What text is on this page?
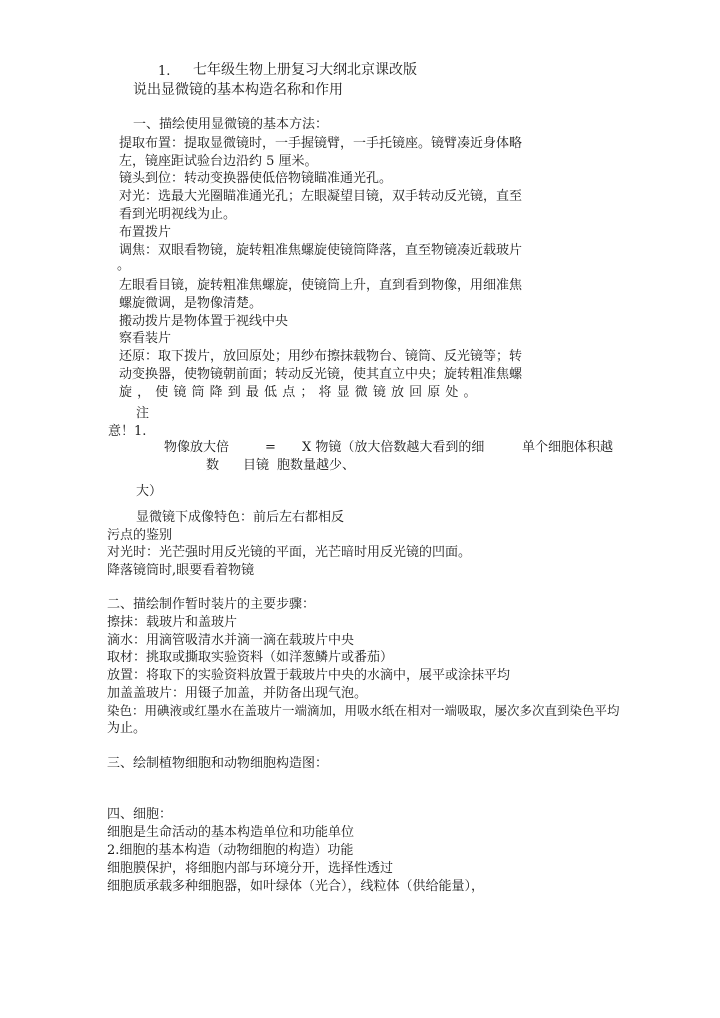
1. 七年级生物上册复习大纲北京课改版
说出显微镜的基本构造名称和作用
一、描绘使用显微镜的基本方法：
提取布置：提取显微镜时，一手握镜臂，一手托镜座。镜臂凑近身体略
左，镜座距试验台边沿约 5 厘米。
镜头到位：转动变换器使低倍物镜瞄准通光孔。
对光：选最大光圈瞄准通光孔；左眼凝望目镜，双手转动反光镜，直至
看到光明视线为止。
布置拨片
调焦：双眼看物镜，旋转粗准焦螺旋使镜筒降落，直至物镜凑近载玻片
。
左眼看目镜，旋转粗准焦螺旋，使镜筒上升，直到看到物像，用细准焦
螺旋微调，是物像清楚。
搬动拨片是物体置于视线中央
察看装片
还原：取下拨片，放回原处；用纱布擦抹载物台、镜筒、反光镜等；转
动变换器，使物镜朝前面；转动反光镜，使其直立中央；旋转粗准焦螺
旋 ， 使 镜 筒 降 到 最 低 点 ； 将 显 微 镜 放 回 原 处 。
注
意！1.
物像放大倍	= X 物镜（放大倍数越大看到的细	单个细胞体积越
数 目镜 胞数量越少、
大）
显微镜下成像特色：前后左右都相反
污点的鉴别
对光时：光芒强时用反光镜的平面，光芒暗时用反光镜的凹面。
降落镜筒时,眼要看着物镜
二、描绘制作暂时装片的主要步骤：
擦抹：载玻片和盖玻片
滴水：用滴管吸清水并滴一滴在载玻片中央
取材：挑取或撕取实验资料（如洋葱鳞片或番茄）
放置：将取下的实验资料放置于载玻片中央的水滴中，展平或涂抹平均
加盖盖玻片：用镊子加盖，并防备出现气泡。
染色：用碘液或红墨水在盖玻片一端滴加，用吸水纸在相对一端吸取，屡次多次直到染色平均
为止。
三、绘制植物细胞和动物细胞构造图：
四、细胞：
细胞是生命活动的基本构造单位和功能单位
2.细胞的基本构造（动物细胞的构造）功能
细胞膜保护，将细胞内部与环境分开，选择性透过
细胞质承载多种细胞器，如叶绿体（光合），线粒体（供给能量），
